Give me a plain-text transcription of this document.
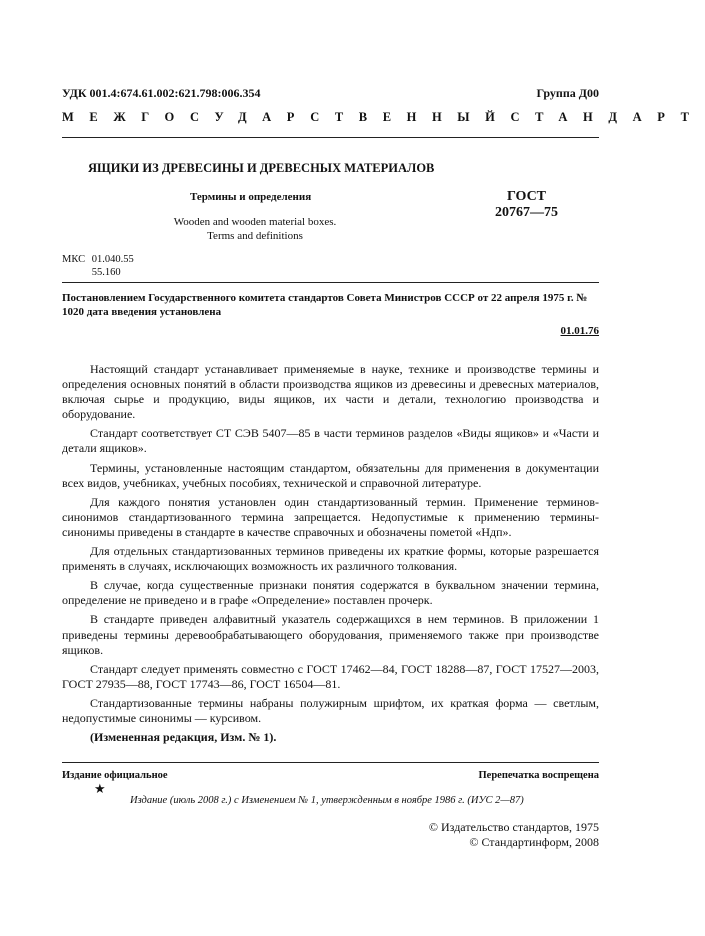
УДК 001.4:674.61.002:621.798:006.354	Группа Д00
МЕЖГОСУДАРСТВЕННЫЙ СТАНДАРТ
ЯЩИКИ ИЗ ДРЕВЕСИНЫ И ДРЕВЕСНЫХ МАТЕРИАЛОВ
Термины и определения
Wooden and wooden material boxes.
Terms and definitions
ГОСТ
20767—75
МКС 01.040.55
55.160
Постановлением Государственного комитета стандартов Совета Министров СССР от 22 апреля 1975 г. № 1020 дата введения установлена
01.01.76

Настоящий стандарт устанавливает применяемые в науке, технике и производстве термины и определения основных понятий в области производства ящиков из древесины и древесных материалов, включая сырье и продукцию, виды ящиков, их части и детали, технологию производства и оборудование.

Стандарт соответствует СТ СЭВ 5407—85 в части терминов разделов «Виды ящиков» и «Части и детали ящиков».

Термины, установленные настоящим стандартом, обязательны для применения в документации всех видов, учебниках, учебных пособиях, технической и справочной литературе.

Для каждого понятия установлен один стандартизованный термин. Применение терминов-синонимов стандартизованного термина запрещается. Недопустимые к применению термины-синонимы приведены в стандарте в качестве справочных и обозначены пометой «Ндп».

Для отдельных стандартизованных терминов приведены их краткие формы, которые разрешается применять в случаях, исключающих возможность их различного толкования.

В случае, когда существенные признаки понятия содержатся в буквальном значении термина, определение не приведено и в графе «Определение» поставлен прочерк.

В стандарте приведен алфавитный указатель содержащихся в нем терминов. В приложении 1 приведены термины деревообрабатывающего оборудования, применяемого также при производстве ящиков.

Стандарт следует применять совместно с ГОСТ 17462—84, ГОСТ 18288—87, ГОСТ 17527—2003, ГОСТ 27935—88, ГОСТ 17743—86, ГОСТ 16504—81.

Стандартизованные термины набраны полужирным шрифтом, их краткая форма — светлым, недопустимые синонимы — курсивом.

(Измененная редакция, Изм. № 1).

Издание официальное	Перепечатка воспрещена
★
Издание (июль 2008 г.) с Изменением № 1, утвержденным в ноябре 1986 г. (ИУС 2—87)
© Издательство стандартов, 1975
© Стандартинформ, 2008
